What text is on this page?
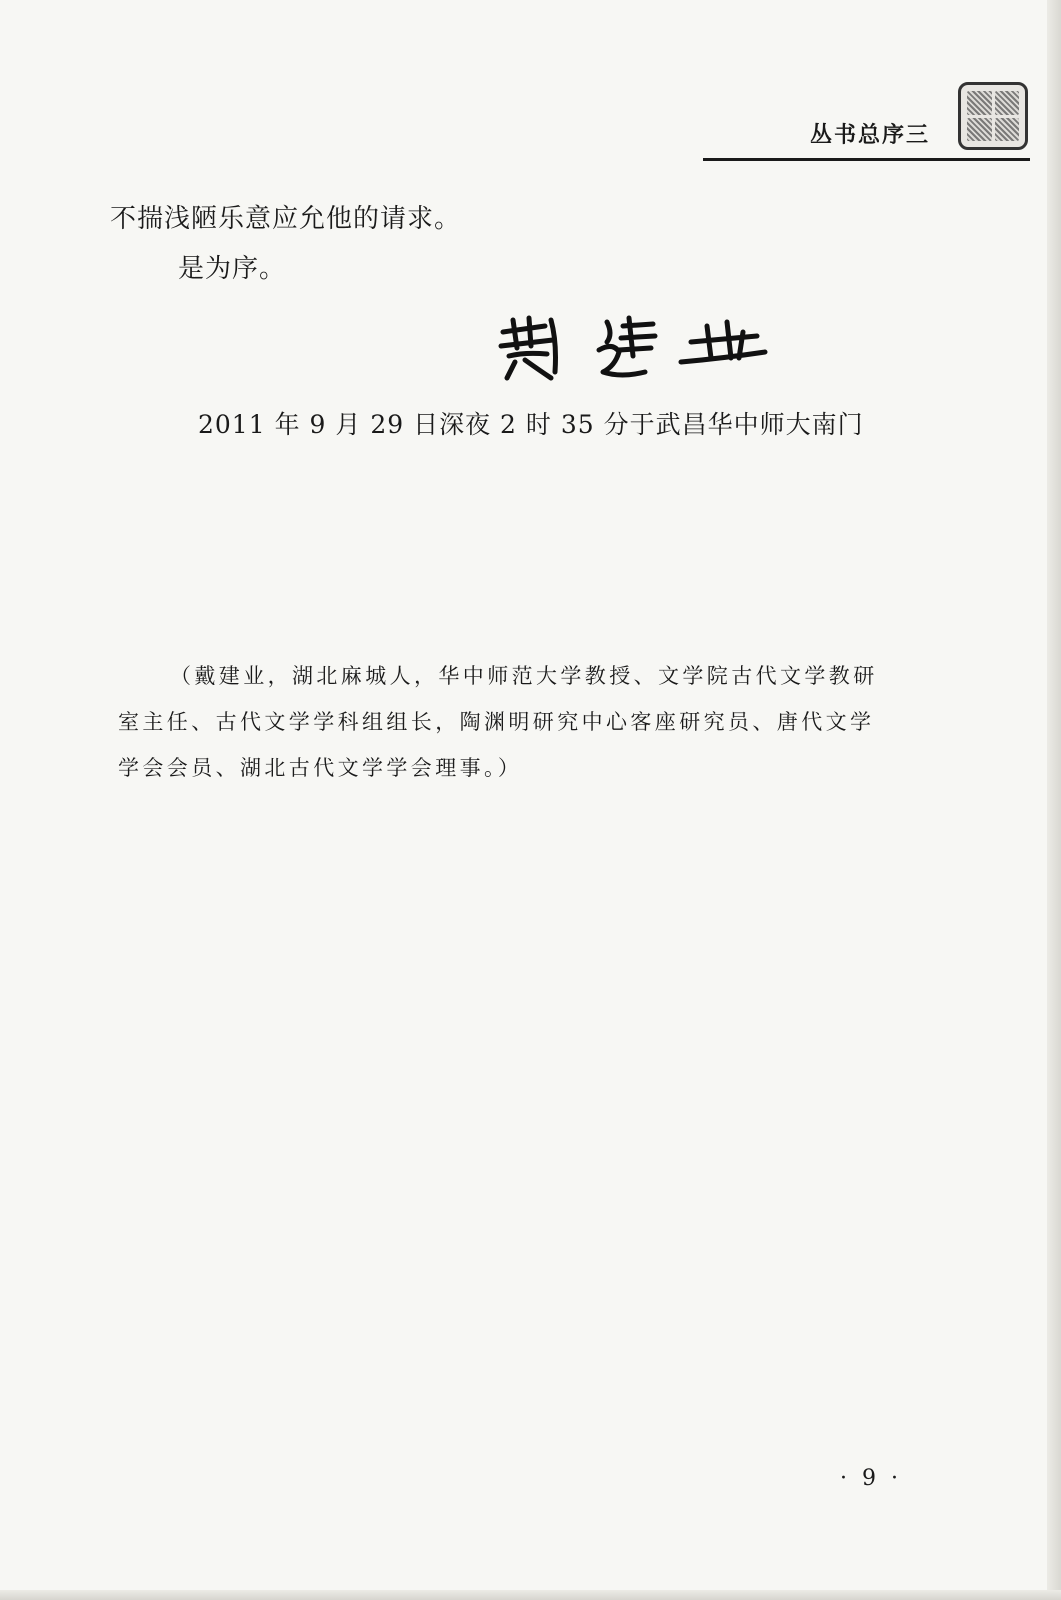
丛书总序三
不揣浅陋乐意应允他的请求。
是为序。
2011 年 9 月 29 日深夜 2 时 35 分于武昌华中师大南门
（戴建业，湖北麻城人，华中师范大学教授、文学院古代文学教研
室主任、古代文学学科组组长，陶渊明研究中心客座研究员、唐代文学
学会会员、湖北古代文学学会理事。）
· 9 ·
